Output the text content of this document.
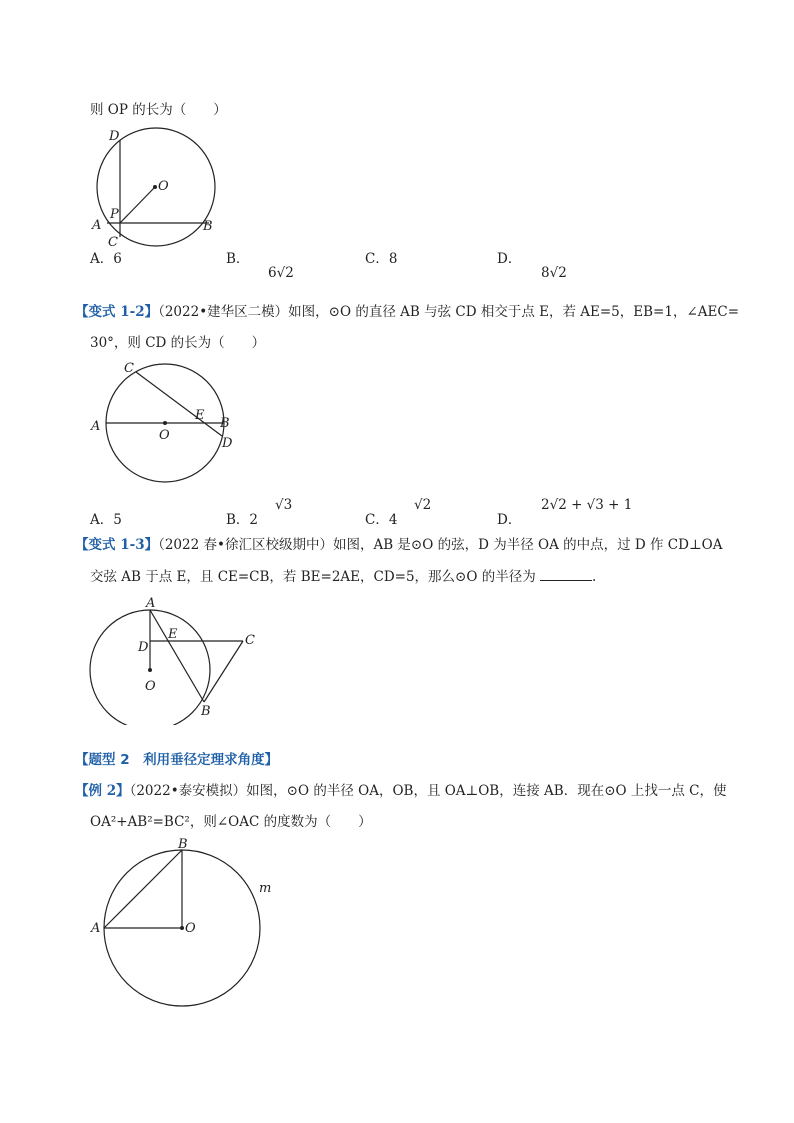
则 OP 的长为（　　）
D
O
P
A	B
C
A．6	B．
6√2
C．8	D．
8√2
【变式 1-2】（2022•建华区二模）如图，⊙O 的直径 AB 与弦 CD 相交于点 E，若 AE=5，EB=1，∠AEC=
30°，则 CD 的长为（　　）
C
E
B
A
O
D
A．5	B．2
√3
C．4
√2
D．
2√2 + √3 + 1
【变式 1-3】（2022 春•徐汇区校级期中）如图，AB 是⊙O 的弦，D 为半径 OA 的中点，过 D 作 CD⊥OA
交弦 AB 于点 E，且 CE=CB，若 BE=2AE，CD=5，那么⊙O 的半径为	.
A
E	C
D
O
B
【题型 2　利用垂径定理求角度】
【例 2】（2022•泰安模拟）如图，⊙O 的半径 OA，OB，且 OA⊥OB，连接 AB．现在⊙O 上找一点 C，使
OA²+AB²=BC²，则∠OAC 的度数为（　　）
B
A	O
m
